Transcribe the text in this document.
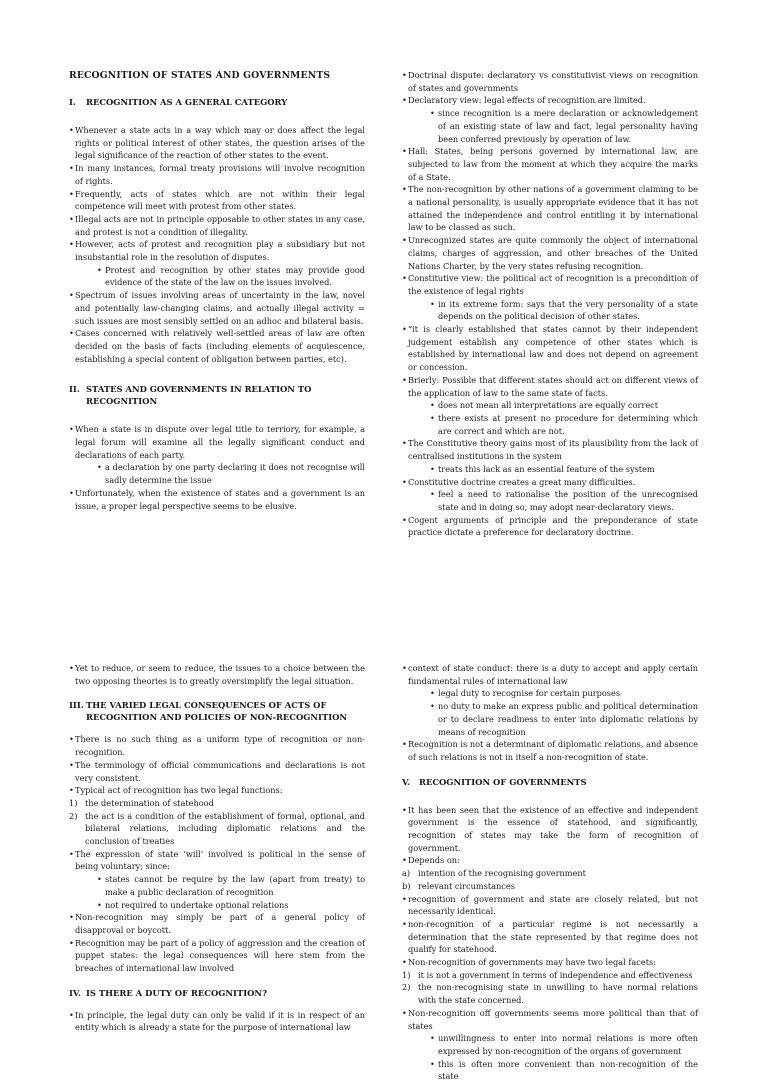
RECOGNITION OF STATES AND GOVERNMENTS
I.	RECOGNITION AS A GENERAL CATEGORY
• Whenever a state acts in a way which may or does affect the legal rights or political interest of other states, the question arises of the legal significance of the reaction of other states to the event.
• In many instances, formal treaty provisions will involve recognition of rights.
• Frequently, acts of states which are not within their legal competence will meet with protest from other states.
• Illegal acts are not in principle opposable to other states in any case, and protest is not a condition of illegality.
• However, acts of protest and recognition play a subsidiary but not insubstantial role in the resolution of disputes.
• Protest and recognition by other states may provide good evidence of the state of the law on the issues involved.
• Spectrum of issues involving areas of uncertainty in the law, novel and potentially law-changing claims, and actually illegal activity = such issues are most sensibly settled on an adhoc and bilateral basis.
• Cases concerned with relatively well-settled areas of law are often decided on the basis of facts (including elements of acquiescence, establishing a special content of obligation between parties, etc).
II. STATES AND GOVERNMENTS IN RELATION TO RECOGNITION
• When a state is in dispute over legal title to terriory, for example, a legal forum will examine all the legally significant conduct and declarations of each party.
• a declaration by one party declaring it does not recognise will sadly determine the issue
• Unfortunately, when the existence of states and a government is an issue, a proper legal perspective seems to be elusive.
• Doctrinal dispute: declaratory vs constitutivist views on recognition of states and governments
• Declaratory view: legal effects of recognition are limited.
• since recognition is a mere declaration or acknowledgement of an existing state of law and fact, legal personality having been conferred previously by operation of law.
• Hall: States, being persons governed by international law, are subjected to law from the moment at which they acquire the marks of a State.
• The non-recognition by other nations of a government claiming to be a national personality, is usually appropriate evidence that it has not attained the independence and control entitling it by international law to be classed as such.
• Unrecognized states are quite commonly the object of international claims, charges of aggression, and other breaches of the United Nations Charter, by the very states refusing recognition.
• Constitutive view: the political act of recognition is a precondition of the existence of legal rights
• in its extreme form: says that the very personality of a state depends on the political decision of other states.
• “it is clearly established that states cannot by their independent judgement establish any competence of other states which is established by international law and does not depend on agreement or concession.
• Brierly: Possible that different states should act on different views of the application of law to the same state of facts.
• does not mean all interpretations are equally correct
• there exists at present no procedure for determining which are correct and which are not.
• The Constitutive theory gains most of its plausibility from the lack of centralised institutions in the system
• treats this lack as an essential feature of the system
• Constitutive doctrine creates a great many difficulties.
• feel a need to rationalise the position of the unrecognised state and in doing so, may adopt near-declaratory views.
• Cogent arguments of principle and the preponderance of state practice dictate a preference for declaratory doctrine.
• Yet to reduce, or seem to reduce, the issues to a choice between the two opposing theories is to greatly oversimplify the legal situation.
III. THE VARIED LEGAL CONSEQUENCES OF ACTS OF RECOGNITION AND POLICIES OF NON-RECOGNITION
• There is no such thing as a uniform type of recognition or non-recognition.
• The terminology of official communications and declarations is not very consistent.
• Typical act of recognition has two legal functions:
1) the determination of statehood
2) the act is a condition of the establishment of formal, optional, and bilateral relations, including diplomatic relations and the conclusion of treaties
• The expression of state ‘will’ involved is political in the sense of being voluntary; since:
• states cannot be require by the law (apart from treaty) to make a public declaration of recognition
• not required to undertake optional relations
• Non-recognition may simply be part of a general policy of disapproval or boycott.
• Recognition may be part of a policy of aggression and the creation of puppet states: the legal consequences will here stem from the breaches of international law involved
IV. IS THERE A DUTY OF RECOGNITION?
• In principle, the legal duty can only be valid if it is in respect of an entity which is already a state for the purpose of international law
• context of state conduct: there is a duty to accept and apply certain fundamental rules of international law
• legal duty to recognise for certain purposes
• no duty to make an express public and political determination or to declare readiness to enter into diplomatic relations by means of recognition
• Recognition is not a determinant of diplomatic relations, and absence of such relations is not in itself a non-recognition of state.
V.	RECOGNITION OF GOVERNMENTS
• It has been seen that the existence of an effective and independent government is the essence of statehood, and significantly, recognition of states may take the form of recognition of government.
• Depends on:
a) intention of the recognising government
b) relevant circumstances
• recognition of government and state are closely related, but not necessarily identical.
• non-recognition of a particular regime is not necessarily a determination that the state represented by that regime does not qualify for statehood.
• Non-recognition of governments may have two legal facets:
1) it is not a government in terms of independence and effectiveness
2) the non-recognising state in unwilling to have normal relations with the state concerned.
• Non-recognition off governments seems more political than that of states
• unwillingness to enter into normal relations is more often expressed by non-recognition of the organs of government
• this is often more convenient than non-recognition of the state
